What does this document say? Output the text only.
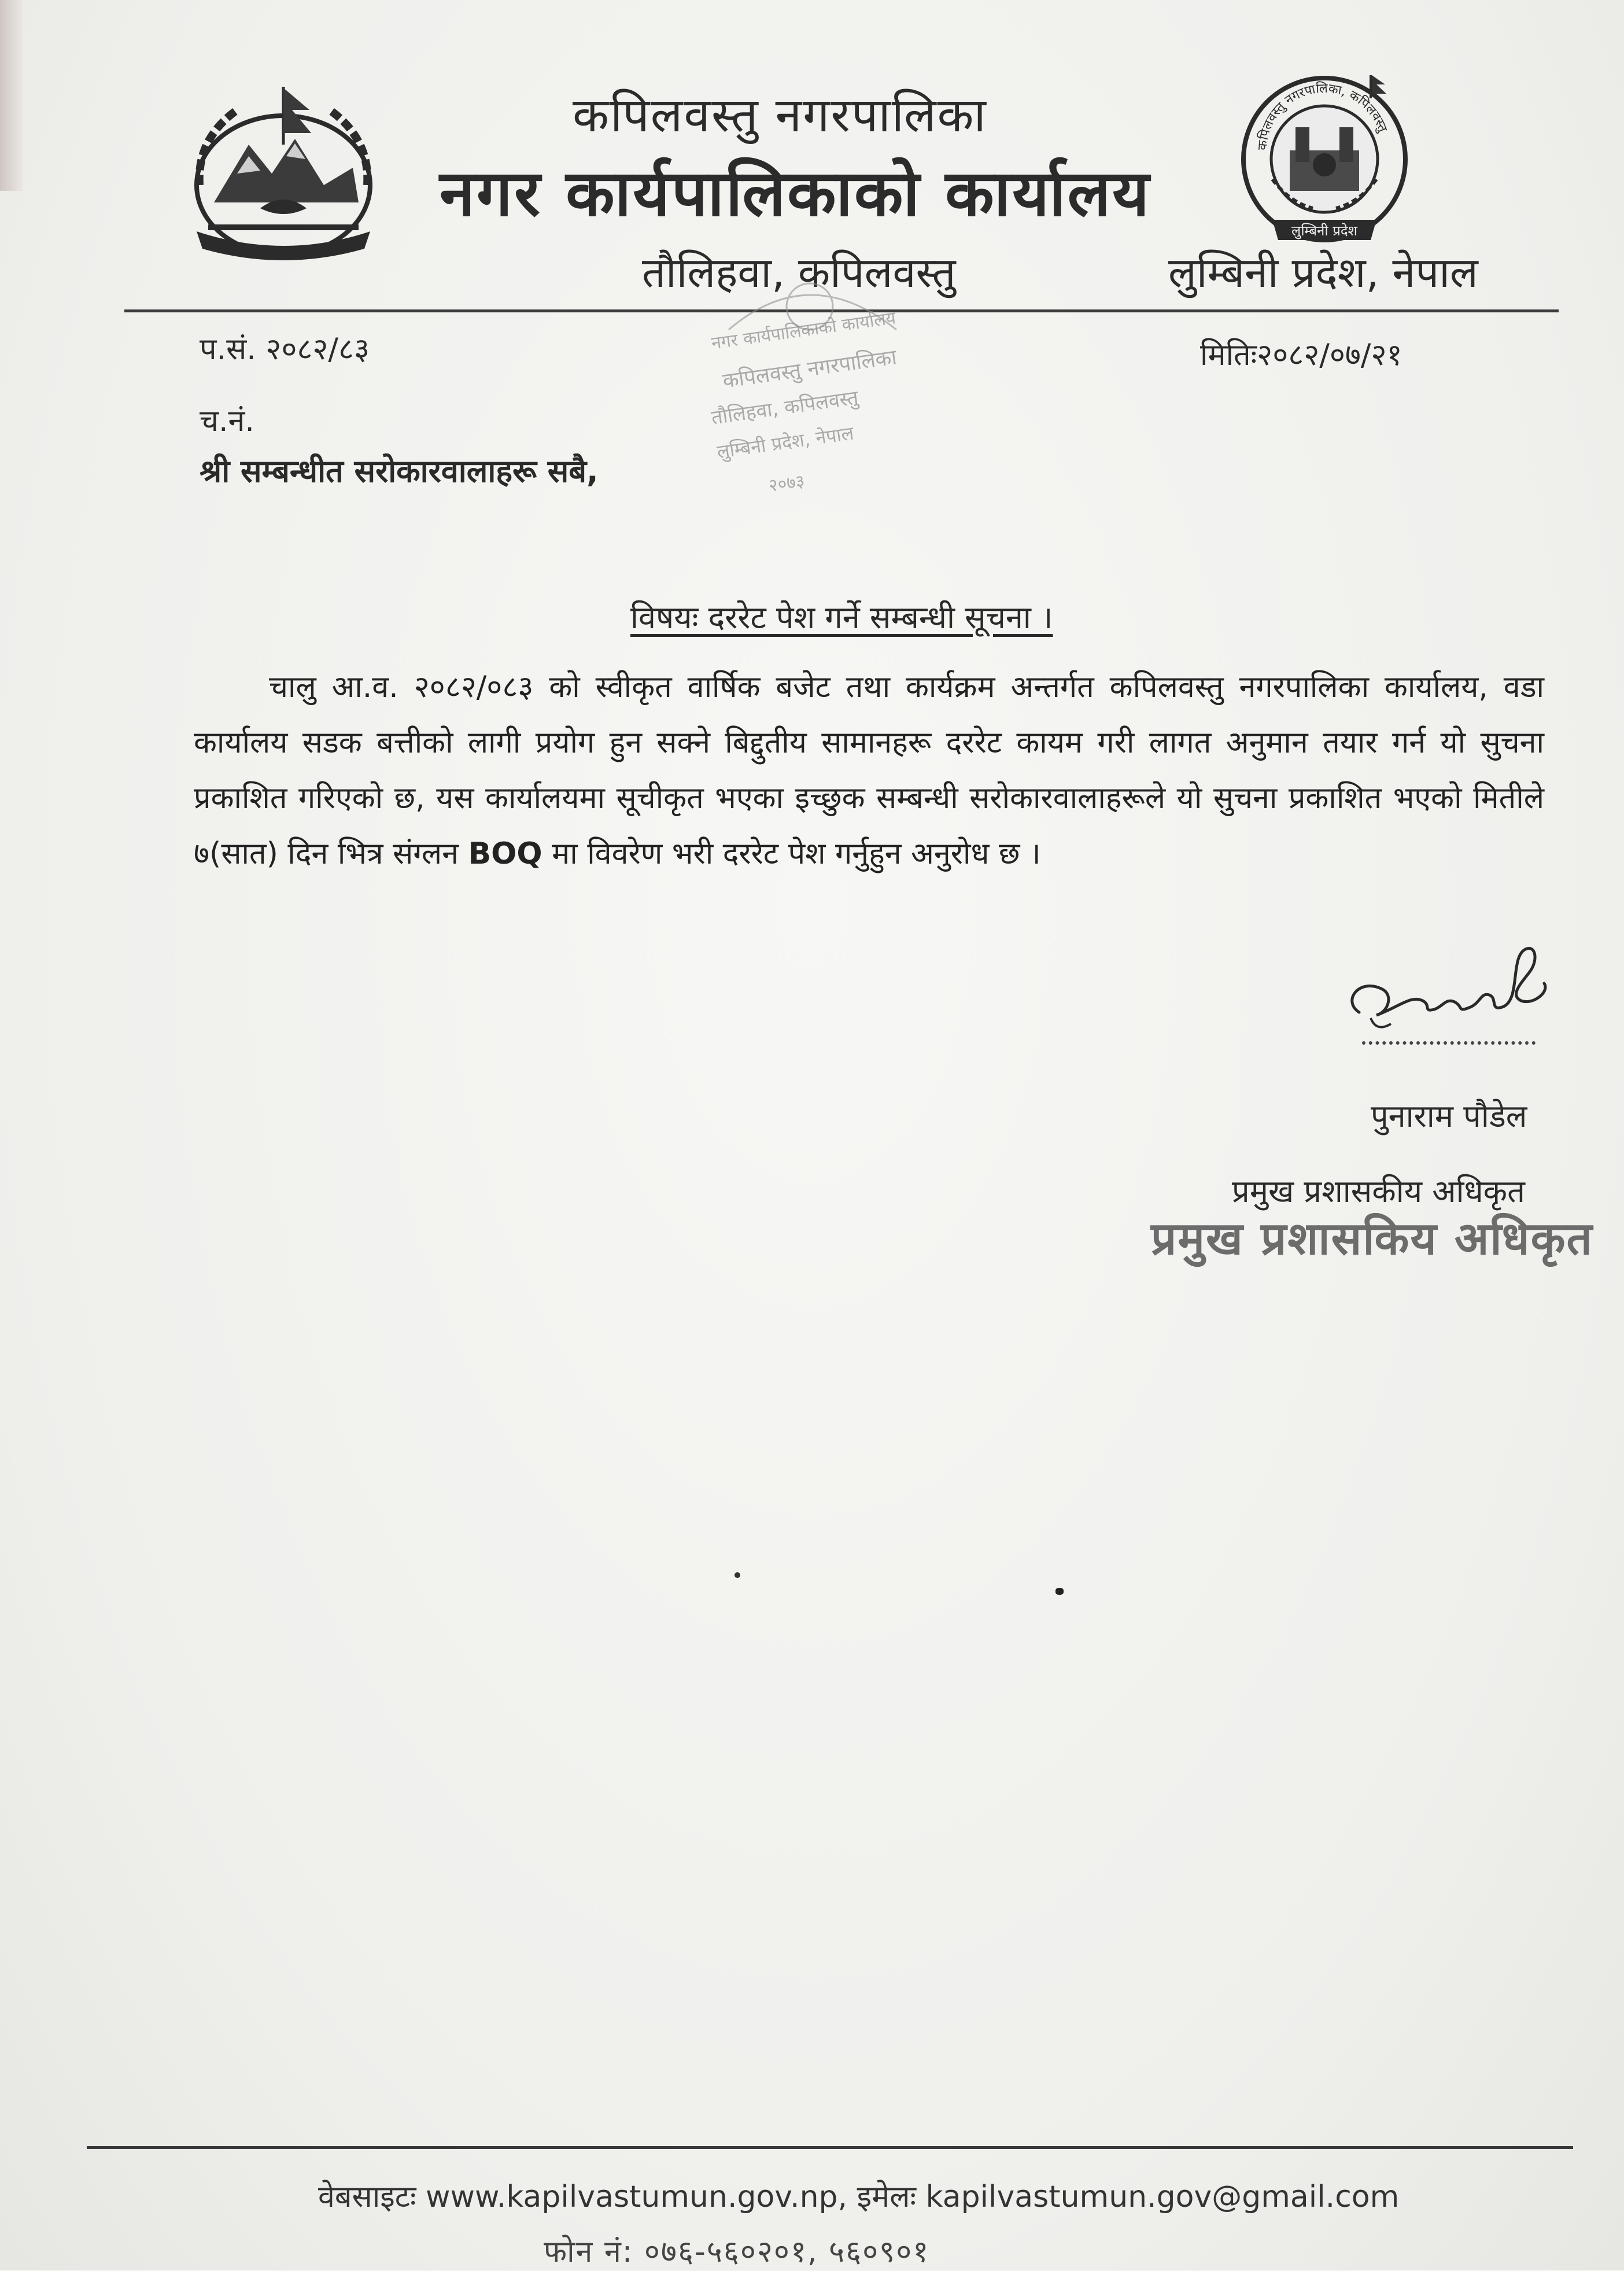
कपिलवस्तु नगरपालिका
नगर कार्यपालिकाको कार्यालय
तौलिहवा, कपिलवस्तु	लुम्बिनी प्रदेश, नेपाल
कपिलवस्तु नगरपालिका, कपिलवस्तु
लुम्बिनी प्रदेश
नगर कार्यपालिकाको कार्यालय
कपिलवस्तु नगरपालिका
तौलिहवा, कपिलवस्तु
लुम्बिनी प्रदेश, नेपाल
२०७३
प.सं. २०८२/८३	मितिः२०८२/०७/२१
च.नं.
श्री सम्बन्धीत सरोकारवालाहरू सबै,
विषयः दररेट पेश गर्ने सम्बन्धी सूचना ।
चालु आ.व. २०८२/०८३ को स्वीकृत वार्षिक बजेट तथा कार्यक्रम अन्तर्गत कपिलवस्तु नगरपालिका कार्यालय, वडा कार्यालय सडक बत्तीको लागी प्रयोग हुन सक्ने बिद्दुतीय सामानहरू दररेट कायम गरी लागत अनुमान तयार गर्न यो सुचना प्रकाशित गरिएको छ, यस कार्यालयमा सूचीकृत भएका इच्छुक सम्बन्धी सरोकारवालाहरूले यो सुचना प्रकाशित भएको मितीले ७(सात) दिन भित्र संग्लन BOQ मा विवरेण भरी दररेट पेश गर्नुहुन अनुरोध छ ।
पुनाराम पौडेल
प्रमुख प्रशासकीय अधिकृत
प्रमुख प्रशासकिय अधिकृत
वेबसाइटः www.kapilvastumun.gov.np, इमेलः kapilvastumun.gov@gmail.com
फोन नं: ०७६-५६०२०१, ५६०९०१
